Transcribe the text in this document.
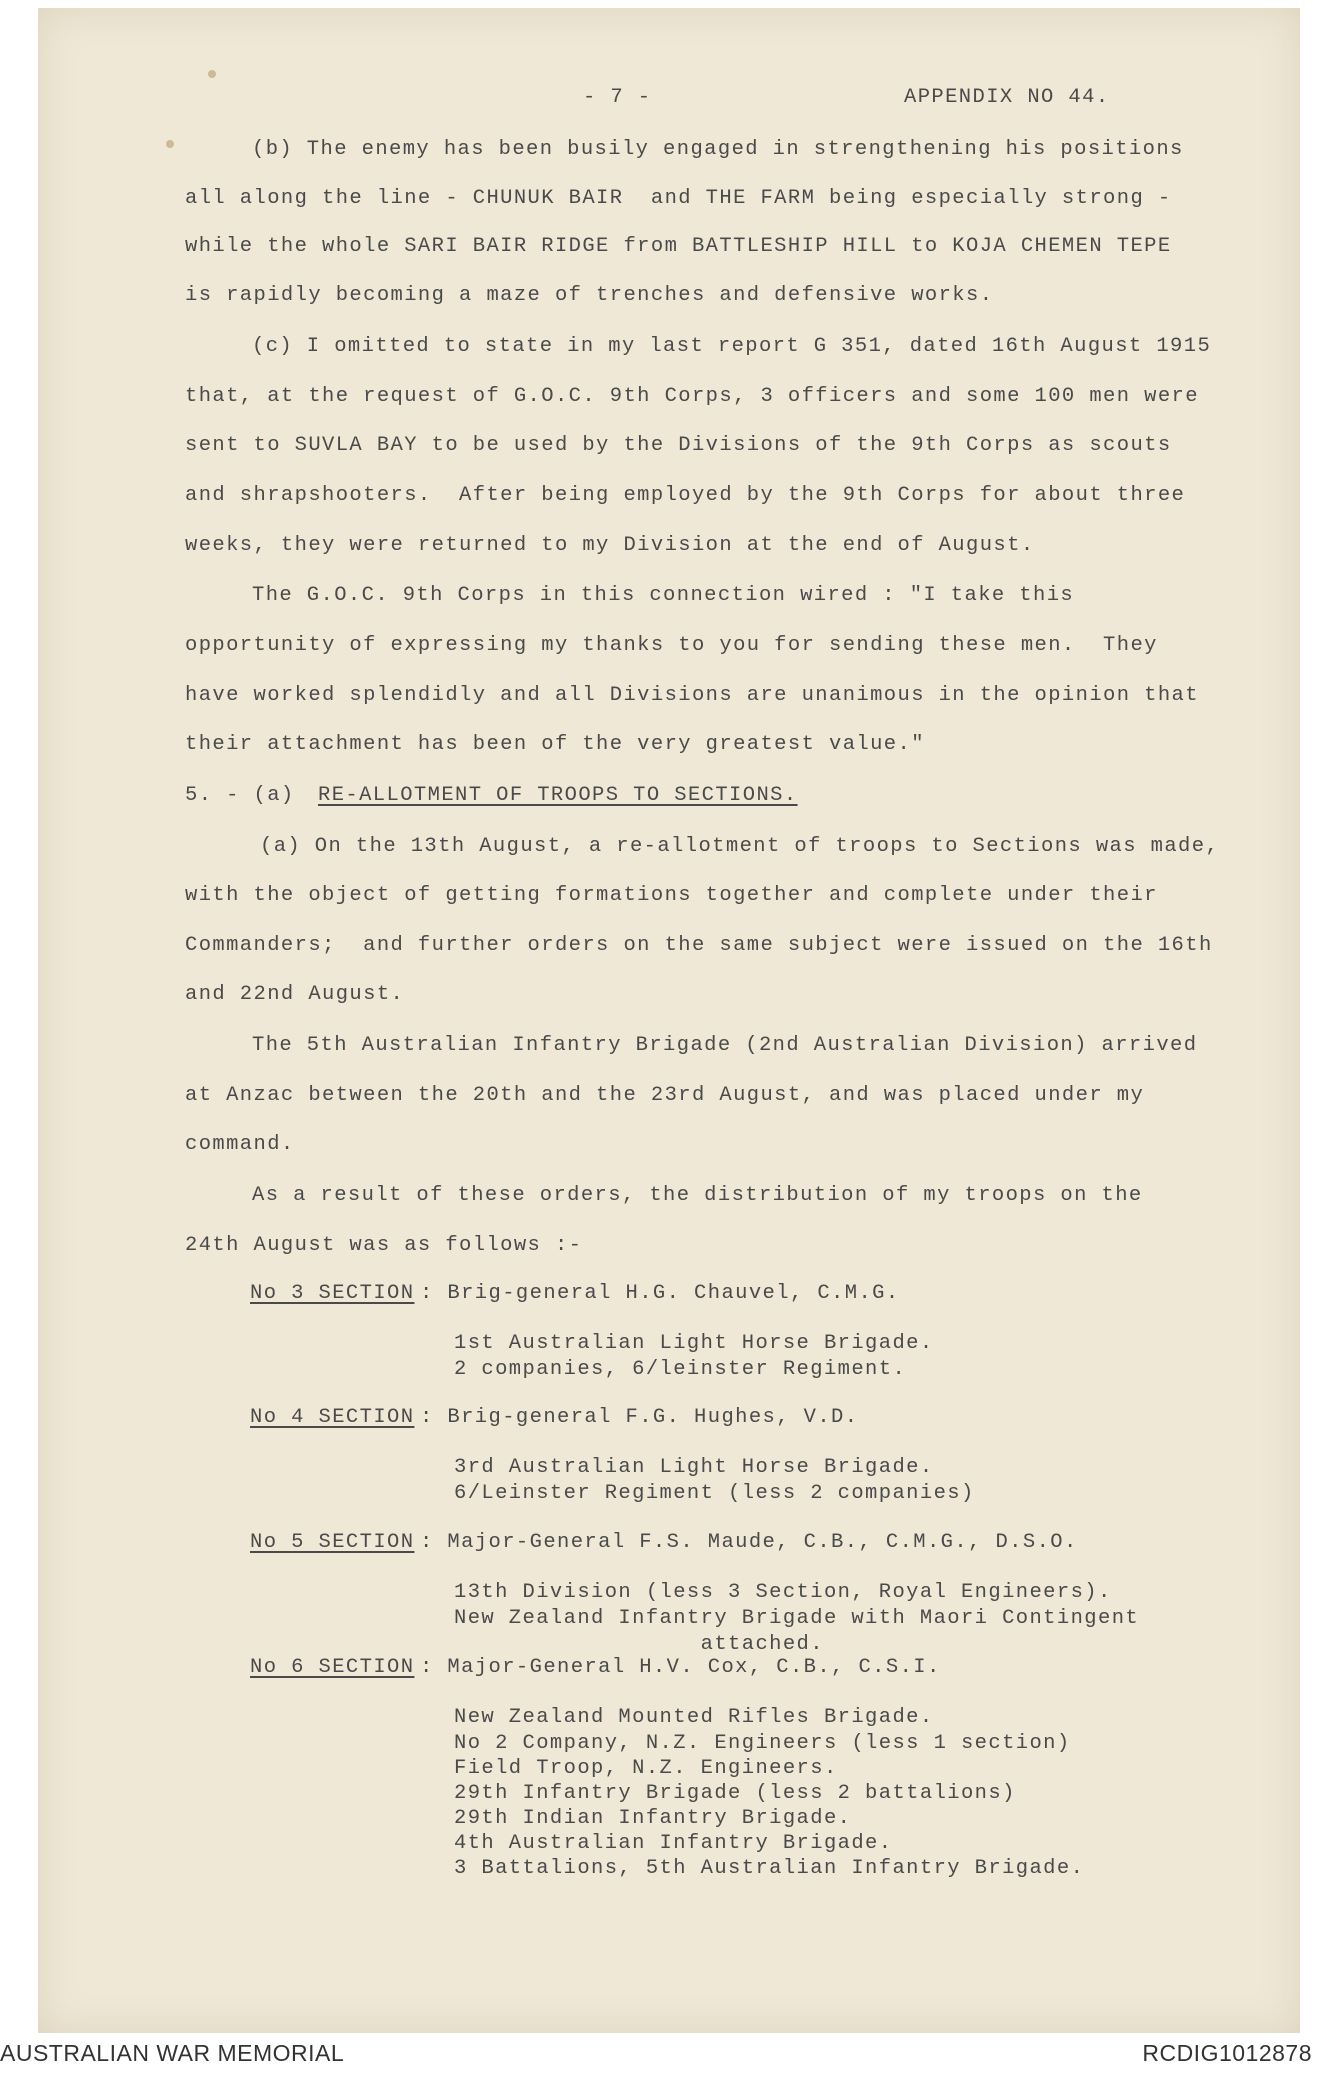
- 7 -	APPENDIX NO 44.
(b) The enemy has been busily engaged in strengthening his positions
all along the line - CHUNUK BAIR  and THE FARM being especially strong -
while the whole SARI BAIR RIDGE from BATTLESHIP HILL to KOJA CHEMEN TEPE
is rapidly becoming a maze of trenches and defensive works.
(c) I omitted to state in my last report G 351, dated 16th August 1915
that, at the request of G.O.C. 9th Corps, 3 officers and some 100 men were
sent to SUVLA BAY to be used by the Divisions of the 9th Corps as scouts
and shrapshooters.  After being employed by the 9th Corps for about three
weeks, they were returned to my Division at the end of August.
The G.O.C. 9th Corps in this connection wired : "I take this
opportunity of expressing my thanks to you for sending these men.  They
have worked splendidly and all Divisions are unanimous in the opinion that
their attachment has been of the very greatest value."
5. - (a) RE-ALLOTMENT OF TROOPS TO SECTIONS.
(a) On the 13th August, a re-allotment of troops to Sections was made,
with the object of getting formations together and complete under their
Commanders;  and further orders on the same subject were issued on the 16th
and 22nd August.
The 5th Australian Infantry Brigade (2nd Australian Division) arrived
at Anzac between the 20th and the 23rd August, and was placed under my
command.
As a result of these orders, the distribution of my troops on the
24th August was as follows :-
No 3 SECTION : Brig-general H.G. Chauvel, C.M.G.
1st Australian Light Horse Brigade.
2 companies, 6/leinster Regiment.
No 4 SECTION : Brig-general F.G. Hughes, V.D.
3rd Australian Light Horse Brigade.
6/Leinster Regiment (less 2 companies)
No 5 SECTION : Major-General F.S. Maude, C.B., C.M.G., D.S.O.
13th Division (less 3 Section, Royal Engineers).
New Zealand Infantry Brigade with Maori Contingent
attached.
No 6 SECTION : Major-General H.V. Cox, C.B., C.S.I.
New Zealand Mounted Rifles Brigade.
No 2 Company, N.Z. Engineers (less 1 section)
Field Troop, N.Z. Engineers.
29th Infantry Brigade (less 2 battalions)
29th Indian Infantry Brigade.
4th Australian Infantry Brigade.
3 Battalions, 5th Australian Infantry Brigade.
AUSTRALIAN WAR MEMORIAL	RCDIG1012878
